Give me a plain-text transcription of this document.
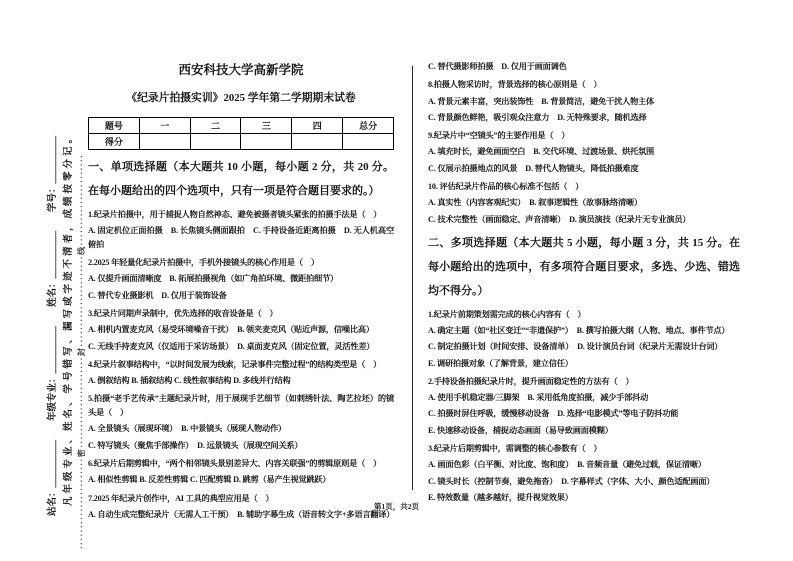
站名：＿＿＿＿＿　　年级专业：＿＿＿＿＿　　姓名：＿＿＿＿＿　　学号：＿＿＿＿＿ 凡年级专业、姓名、学号错写、漏写或字迹不清者，成绩按零分记。 ······················密······················封······················线······················
西安科技大学高新学院
《纪录片拍摄实训》2025 学年第二学期期末试卷
题号	一	二	三	四	总分
得分					

一、单项选择题（本大题共 10 小题，每小题 2 分，共 20 分。在每小题给出的四个选项中，只有一项是符合题目要求的。）

1.纪录片拍摄中，用于捕捉人物自然神态、避免被摄者镜头紧张的拍摄手法是（　）

A. 固定机位正面拍摄　B. 长焦镜头侧面跟拍　C. 手持设备近距离拍摄　D. 无人机高空俯拍

2.2025 年轻量化纪录片拍摄中，手机外接镜头的核心作用是（　）

A. 仅提升画面清晰度　B. 拓展拍摄视角（如广角拍环境、微距拍细节）

C. 替代专业摄影机　D. 仅用于装饰设备

3.纪录片同期声录制中，优先选择的收音设备是（　）

A. 相机内置麦克风（易受环境噪音干扰）　B. 领夹麦克风（贴近声源，信噪比高）

C. 无线手持麦克风（仅适用于采访场景）　D. 桌面麦克风（固定位置，灵活性差）

4.纪录片叙事结构中，“以时间发展为线索，记录事件完整过程”的结构类型是（　）

A. 倒叙结构 B. 插叙结构 C. 线性叙事结构 D. 多线并行结构

5.拍摄“老手艺传承”主题纪录片时，用于展现手艺细节（如刺绣针法、陶艺拉坯）的镜头是（　）

A. 全景镜头（展现环境）　B. 中景镜头（展现人物动作）

C. 特写镜头（聚焦手部操作）　D. 远景镜头（展现空间关系）

6.纪录片后期剪辑中，“两个相邻镜头景别差异大、内容关联强”的剪辑原则是（　）

A. 相似性剪辑 B. 反差性剪辑 C. 匹配剪辑 D. 跳剪（易产生视觉跳跃）

7.2025 年纪录片创作中，AI 工具的典型应用是（　）

A. 自动生成完整纪录片（无需人工干预）　B. 辅助字幕生成（语音转文字+多语言翻译）

C. 替代摄影师拍摄　D. 仅用于画面调色

8.拍摄人物采访时，背景选择的核心原则是（　）

A. 背景元素丰富，突出装饰性　B. 背景简洁，避免干扰人物主体

C. 背景颜色鲜艳，吸引观众注意力　D. 无特殊要求，随机选择

9.纪录片中“空镜头”的主要作用是（　）

A. 填充时长，避免画面空白　B. 交代环境、过渡场景、烘托氛围

C. 仅展示拍摄地点的风景　D. 替代人物镜头，降低拍摄难度

10. 评估纪录片作品的核心标准不包括（　）

A. 真实性（内容客观纪实）　B. 叙事逻辑性（故事脉络清晰）

C. 技术完整性（画面稳定、声音清晰）　D. 演员演技（纪录片无专业演员）

二、多项选择题（本大题共 5 小题，每小题 3 分，共 15 分。在每小题给出的选项中，有多项符合题目要求，多选、少选、错选均不得分。）

1.纪录片前期策划需完成的核心内容有（　）

A. 确定主题（如“社区变迁”“非遗保护”）　B. 撰写拍摄大纲（人物、地点、事件节点）

C. 制定拍摄计划（时间安排、设备清单）　D. 设计演员台词（纪录片无需设计台词）

E. 调研拍摄对象（了解背景，建立信任）

2.手持设备拍摄纪录片时，提升画面稳定性的方法有（　）

A. 使用手机稳定器/三脚架　B. 采用低角度拍摄，减少手部抖动

C. 拍摄时屏住呼吸，缓慢移动设备　D. 选择“电影模式”等电子防抖功能

E. 快速移动设备，捕捉动态画面（易导致画面模糊）

3.纪录片后期剪辑中，需调整的核心参数有（　）

A. 画面色彩（白平衡、对比度、饱和度）　B. 音频音量（避免过载，保证清晰）

C. 镜头时长（控制节奏，避免拖沓）　D. 字幕样式（字体、大小、颜色适配画面）

E. 特效数量（越多越好，提升视觉效果）

第1页，共2页
